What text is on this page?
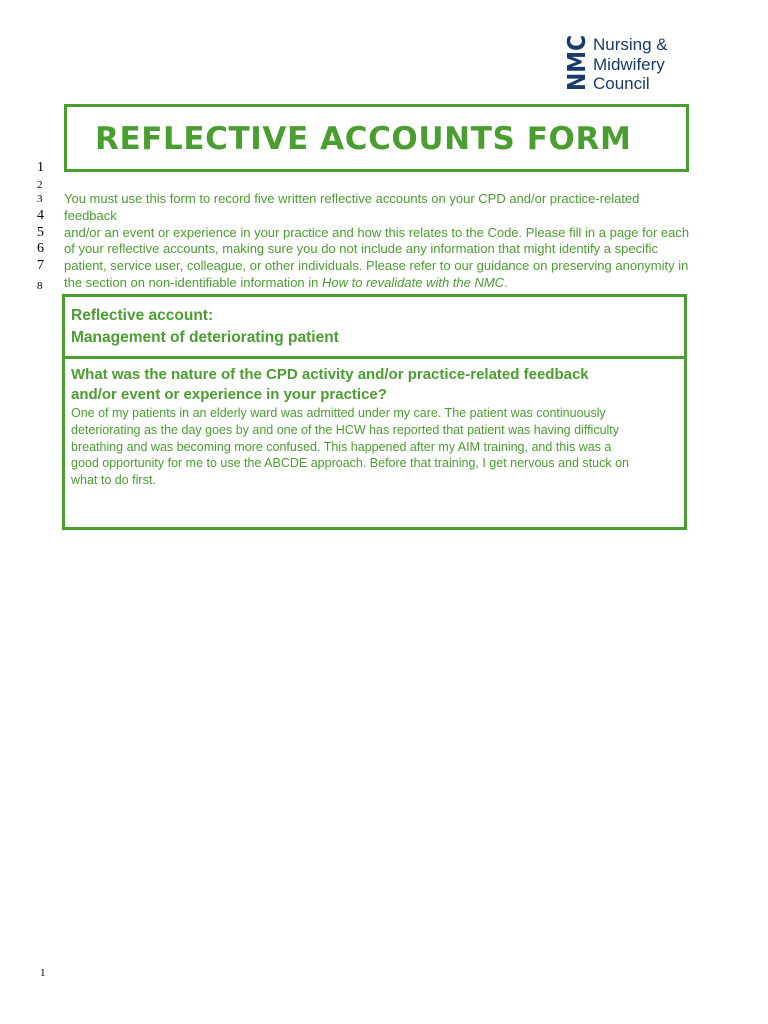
NMC Nursing &
Midwifery
Council
REFLECTIVE ACCOUNTS FORM
1
2
3
4
5
6
7
8
You must use this form to record five written reflective accounts on your CPD and/or practice-related feedback
and/or an event or experience in your practice and how this relates to the Code. Please fill in a page for each
of your reflective accounts, making sure you do not include any information that might identify a specific
patient, service user, colleague, or other individuals. Please refer to our guidance on preserving anonymity in
the section on non-identifiable information in How to revalidate with the NMC.
Reflective account:
Management of deteriorating patient
What was the nature of the CPD activity and/or practice-related feedback
and/or event or experience in your practice?
One of my patients in an elderly ward was admitted under my care. The patient was continuously
deteriorating as the day goes by and one of the HCW has reported that patient was having difficulty
breathing and was becoming more confused. This happened after my AIM training, and this was a
good opportunity for me to use the ABCDE approach. Before that training, I get nervous and stuck on
what to do first.
1
